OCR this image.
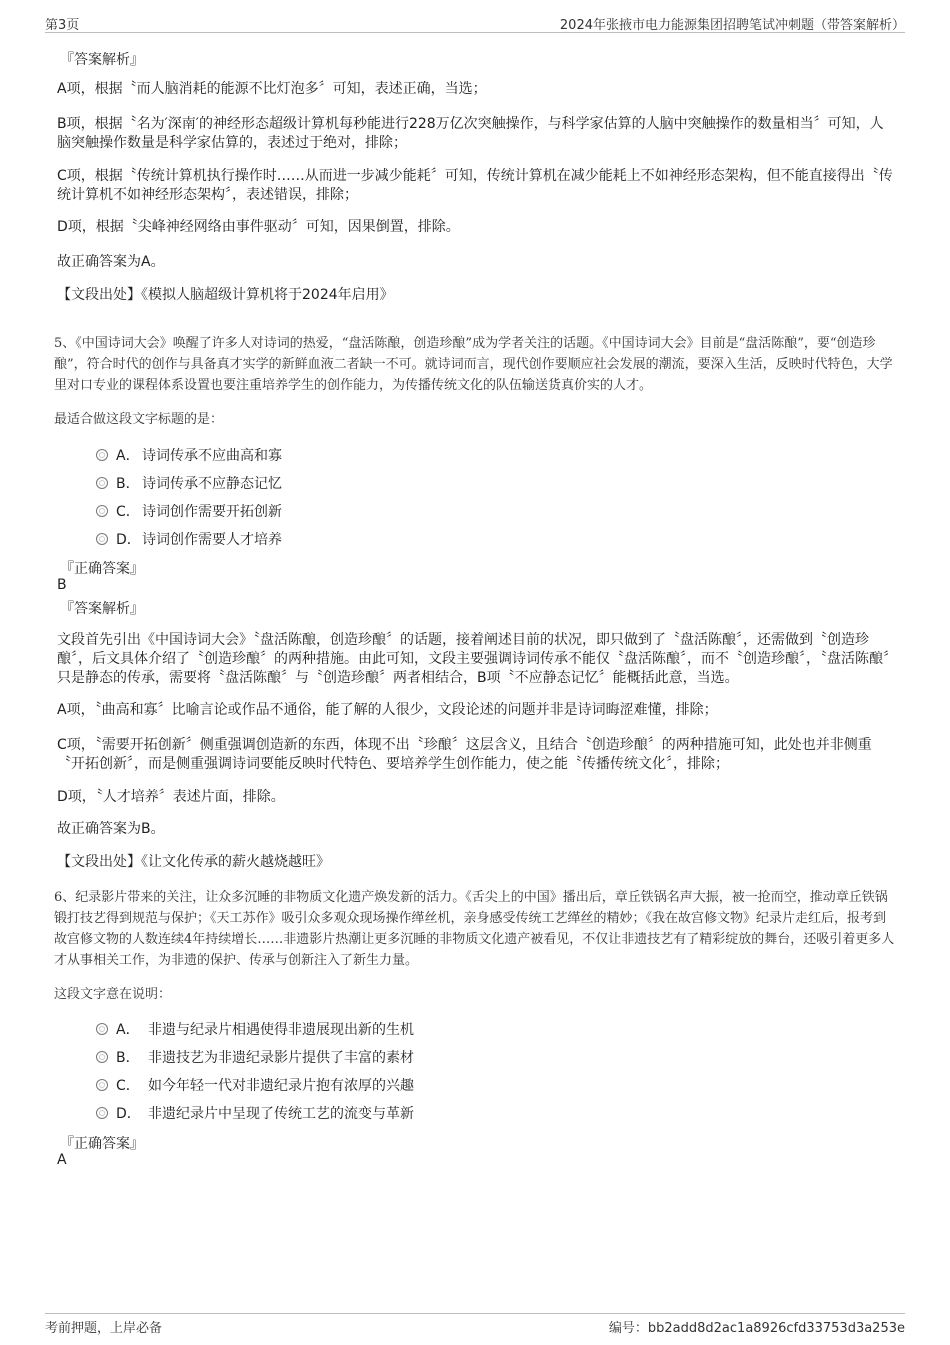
第3页	2024年张掖市电力能源集团招聘笔试冲刺题（带答案解析）
『答案解析』
A项，根据〝而人脑消耗的能源不比灯泡多〞可知，表述正确，当选；
B项，根据〝名为′深南′的神经形态超级计算机每秒能进行228万亿次突触操作，与科学家估算的人脑中突触操作的数量相当〞可知，人脑突触操作数量是科学家估算的，表述过于绝对，排除；
C项，根据〝传统计算机执行操作时……从而进一步减少能耗〞可知，传统计算机在减少能耗上不如神经形态架构，但不能直接得出〝传统计算机不如神经形态架构〞，表述错误，排除；
D项，根据〝尖峰神经网络由事件驱动〞可知，因果倒置，排除。
故正确答案为A。
【文段出处】《模拟人脑超级计算机将于2024年启用》
5、《中国诗词大会》唤醒了许多人对诗词的热爱，“盘活陈酿，创造珍酿”成为学者关注的话题。《中国诗词大会》目前是“盘活陈酿”，要“创造珍酿”，符合时代的创作与具备真才实学的新鲜血液二者缺一不可。就诗词而言，现代创作要顺应社会发展的潮流，要深入生活，反映时代特色，大学里对口专业的课程体系设置也要注重培养学生的创作能力，为传播传统文化的队伍输送货真价实的人才。
最适合做这段文字标题的是：
A． 诗词传承不应曲高和寡
B． 诗词传承不应静态记忆
C． 诗词创作需要开拓创新
D． 诗词创作需要人才培养
『正确答案』
B
『答案解析』
文段首先引出《中国诗词大会》〝盘活陈酿，创造珍酿〞的话题，接着阐述目前的状况，即只做到了〝盘活陈酿〞，还需做到〝创造珍酿〞，后文具体介绍了〝创造珍酿〞的两种措施。由此可知，文段主要强调诗词传承不能仅〝盘活陈酿〞，而不〝创造珍酿〞，〝盘活陈酿〞只是静态的传承，需要将〝盘活陈酿〞与〝创造珍酿〞两者相结合，B项〝不应静态记忆〞能概括此意，当选。
A项，〝曲高和寡〞比喻言论或作品不通俗，能了解的人很少，文段论述的问题并非是诗词晦涩难懂，排除；
C项，〝需要开拓创新〞侧重强调创造新的东西，体现不出〝珍酿〞这层含义，且结合〝创造珍酿〞的两种措施可知，此处也并非侧重〝开拓创新〞，而是侧重强调诗词要能反映时代特色、要培养学生创作能力，使之能〝传播传统文化〞，排除；
D项，〝人才培养〞表述片面，排除。
故正确答案为B。
【文段出处】《让文化传承的薪火越烧越旺》
6、纪录影片带来的关注，让众多沉睡的非物质文化遗产焕发新的活力。《舌尖上的中国》播出后，章丘铁锅名声大振，被一抢而空，推动章丘铁锅锻打技艺得到规范与保护；《天工苏作》吸引众多观众现场操作缂丝机，亲身感受传统工艺缂丝的精妙；《我在故宫修文物》纪录片走红后，报考到故宫修文物的人数连续4年持续增长……非遗影片热潮让更多沉睡的非物质文化遗产被看见，不仅让非遗技艺有了精彩绽放的舞台，还吸引着更多人才从事相关工作，为非遗的保护、传承与创新注入了新生力量。
这段文字意在说明：
A． 非遗与纪录片相遇使得非遗展现出新的生机
B． 非遗技艺为非遗纪录影片提供了丰富的素材
C． 如今年轻一代对非遗纪录片抱有浓厚的兴趣
D． 非遗纪录片中呈现了传统工艺的流变与革新
『正确答案』
A
考前押题，上岸必备	编号：bb2add8d2ac1a8926cfd33753d3a253e
